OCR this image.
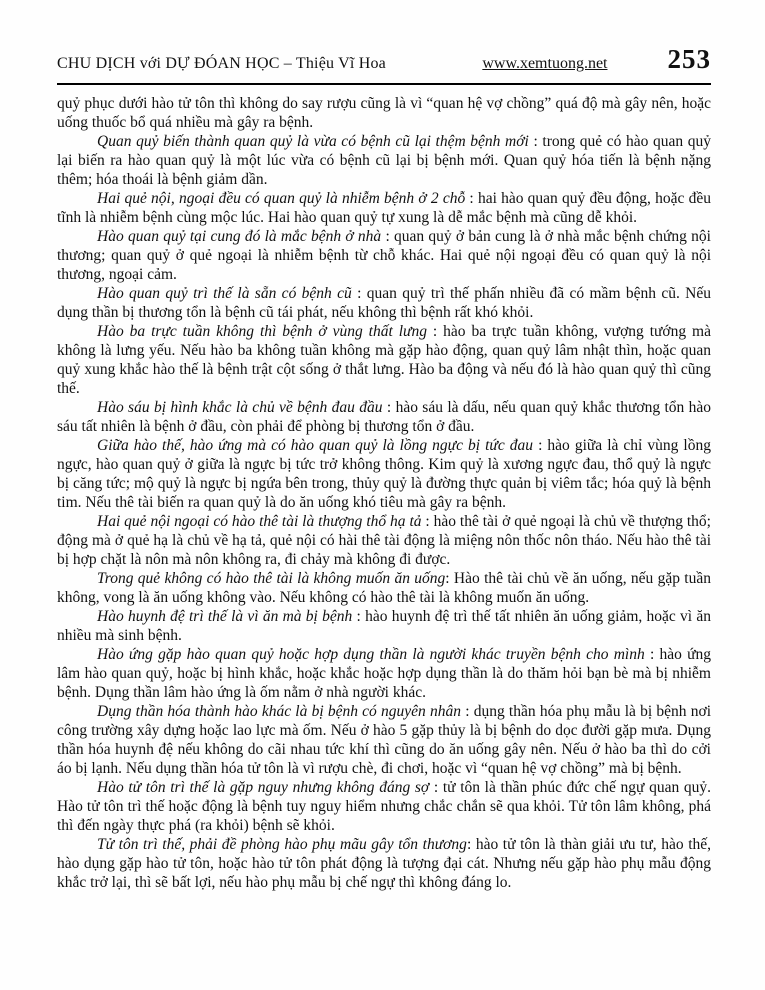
CHU DỊCH với DỰ ĐÓAN HỌC – Thiệu Vĩ Hoa	www.xemtuong.net 253

quỷ phục dưới hào tử tôn thì không do say rượu cũng là vì “quan hệ vợ chồng” quá độ mà gây nên, hoặc uống thuốc bổ quá nhiều mà gây ra bệnh.

Quan quỷ biến thành quan quỷ là vừa có bệnh cũ lại thệm bệnh mới : trong quẻ có hào quan quỷ lại biến ra hào quan quỷ là một lúc vừa có bệnh cũ lại bị bệnh mới. Quan quỷ hóa tiến là bệnh nặng thêm; hóa thoái là bệnh giảm dần.

Hai quẻ nội, ngoại đều có quan quỷ là nhiễm bệnh ở 2 chỗ : hai hào quan quỷ đều động, hoặc đều tĩnh là nhiễm bệnh cùng mộc lúc. Hai hào quan quỷ tự xung là dễ mắc bệnh mà cũng dễ khỏi.

Hào quan quỷ tại cung đó là mắc bệnh ở nhà : quan quỷ ở bản cung là ở nhà mắc bệnh chứng nội thương; quan quỷ ở quẻ ngoại là nhiễm bệnh từ chỗ khác. Hai quẻ nội ngoại đều có quan quỷ là nội thương, ngoại cảm.

Hào quan quỷ trì thế là sẵn có bệnh cũ : quan quỷ trì thế phấn nhiều đã có mầm bệnh cũ. Nếu dụng thần bị thương tổn là bệnh cũ tái phát, nếu không thì bệnh rất khó khỏi.

Hào ba trực tuần không thì bệnh ở vùng thất lưng : hào ba trực tuần không, vượng tướng mà không là lưng yếu. Nếu hào ba không tuần không mà gặp hào động, quan quỷ lâm nhật thìn, hoặc quan quỷ xung khắc hào thế là bệnh trật cột sống ở thắt lưng. Hào ba động và nếu đó là hào quan quỷ thì cũng thế.

Hào sáu bị hình khắc là chủ về bệnh đau đầu : hào sáu là dấu, nếu quan quỷ khắc thương tổn hào sáu tất nhiên là bệnh ở đầu, còn phải để phòng bị thương tổn ở đầu.

Giữa hào thế, hào ứng mà có hào quan quỷ là lồng ngực bị tức đau : hào giữa là chỉ vùng lồng ngực, hào quan quỷ ở giữa là ngực bị tức trở không thông. Kim quỷ là xương ngực đau, thổ quỷ là ngực bị căng tức; mộ quỷ là ngực bị ngứa bên trong, thủy quỷ là đường thực quản bị viêm tắc; hóa quỷ là bệnh tim. Nếu thê tài biến ra quan quỷ là do ăn uống khó tiêu mà gây ra bệnh.

Hai quẻ nội ngoại có hào thê tài là thượng thổ hạ tả : hào thê tài ở quẻ ngoại là chủ về thượng thổ; động mà ở quẻ hạ là chủ về hạ tả, quẻ nội có hài thê tài động là miệng nôn thốc nôn tháo. Nếu hào thê tài bị hợp chặt là nôn mà nôn không ra, đi chảy mà không đi được.

Trong quẻ không có hào thê tài là không muốn ăn uống: Hào thê tài chủ về ăn uống, nếu gặp tuần không, vong là ăn uống không vào. Nếu không có hào thê tài là không muốn ăn uống.

Hào huynh đệ trì thế là vì ăn mà bị bệnh : hào huynh đệ trì thế tất nhiên ăn uống giảm, hoặc vì ăn nhiều mà sinh bệnh.

Hào ứng gặp hào quan quỷ hoặc hợp dụng thần là người khác truyền bệnh cho mình : hào ứng lâm hào quan quỷ, hoặc bị hình khắc, hoặc khắc hoặc hợp dụng thần là do thăm hỏi bạn bè mà bị nhiễm bệnh. Dụng thần lâm hào ứng là ốm nằm ở nhà người khác.

Dụng thần hóa thành hào khác là bị bệnh có nguyên nhân : dụng thần hóa phụ mẫu là bị bệnh nơi công trường xây dựng hoặc lao lực mà ốm. Nếu ở hào 5 gặp thủy là bị bệnh do dọc đười gặp mưa. Dụng thần hóa huynh đệ nếu không do cãi nhau tức khí thì cũng do ăn uống gây nên. Nếu ở hào ba thì do cởi áo bị lạnh. Nếu dụng thần hóa tử tôn là vì rượu chè, đi chơi, hoặc vì “quan hệ vợ chồng” mà bị bệnh.

Hào tử tôn trì thế là gặp nguy nhưng không đáng sợ : tử tôn là thần phúc đức chế ngự quan quỷ. Hào tử tôn trì thế hoặc động là bệnh tuy nguy hiểm nhưng chắc chắn sẽ qua khỏi. Tử tôn lâm không, phá thì đến ngày thực phá (ra khỏi) bệnh sẽ khỏi.

Tử tôn trì thế, phải đề phòng hào phụ mãu gây tổn thương: hào tử tôn là thàn giải ưu tư, hào thế, hào dụng gặp hào tử tôn, hoặc hào tử tôn phát động là tượng đại cát. Nhưng nếu gặp hào phụ mẫu động khắc trở lại, thì sẽ bất lợi, nếu hào phụ mẫu bị chế ngự thì không đáng lo.
